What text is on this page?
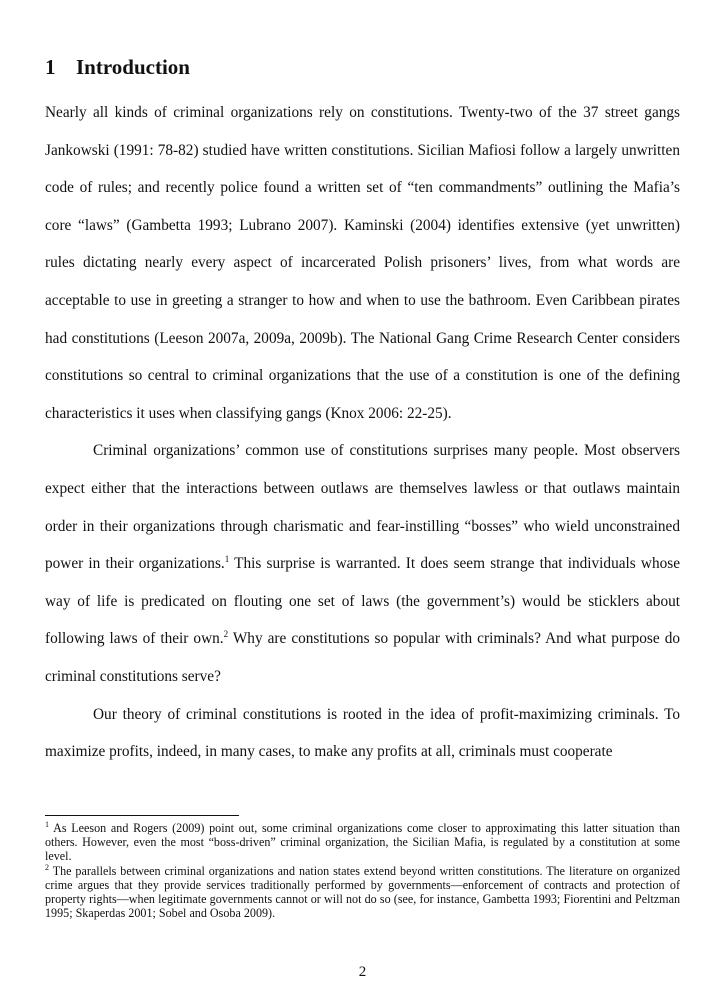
1 Introduction

Nearly all kinds of criminal organizations rely on constitutions. Twenty-two of the 37 street gangs Jankowski (1991: 78-82) studied have written constitutions. Sicilian Mafiosi follow a largely unwritten code of rules; and recently police found a written set of “ten commandments” outlining the Mafia’s core “laws” (Gambetta 1993; Lubrano 2007). Kaminski (2004) identifies extensive (yet unwritten) rules dictating nearly every aspect of incarcerated Polish prisoners’ lives, from what words are acceptable to use in greeting a stranger to how and when to use the bathroom. Even Caribbean pirates had constitutions (Leeson 2007a, 2009a, 2009b). The National Gang Crime Research Center considers constitutions so central to criminal organizations that the use of a constitution is one of the defining characteristics it uses when classifying gangs (Knox 2006: 22-25).

Criminal organizations’ common use of constitutions surprises many people. Most observers expect either that the interactions between outlaws are themselves lawless or that outlaws maintain order in their organizations through charismatic and fear-instilling “bosses” who wield unconstrained power in their organizations.$^1$ This surprise is warranted. It does seem strange that individuals whose way of life is predicated on flouting one set of laws (the government’s) would be sticklers about following laws of their own.$^2$ Why are constitutions so popular with criminals? And what purpose do criminal constitutions serve?

Our theory of criminal constitutions is rooted in the idea of profit-maximizing criminals. To maximize profits, indeed, in many cases, to make any profits at all, criminals must cooperate

$^1$ As Leeson and Rogers (2009) point out, some criminal organizations come closer to approximating this latter situation than others. However, even the most “boss-driven” criminal organization, the Sicilian Mafia, is regulated by a constitution at some level.

$^2$ The parallels between criminal organizations and nation states extend beyond written constitutions. The literature on organized crime argues that they provide services traditionally performed by governments—enforcement of contracts and protection of property rights—when legitimate governments cannot or will not do so (see, for instance, Gambetta 1993; Fiorentini and Peltzman 1995; Skaperdas 2001; Sobel and Osoba 2009).

2
